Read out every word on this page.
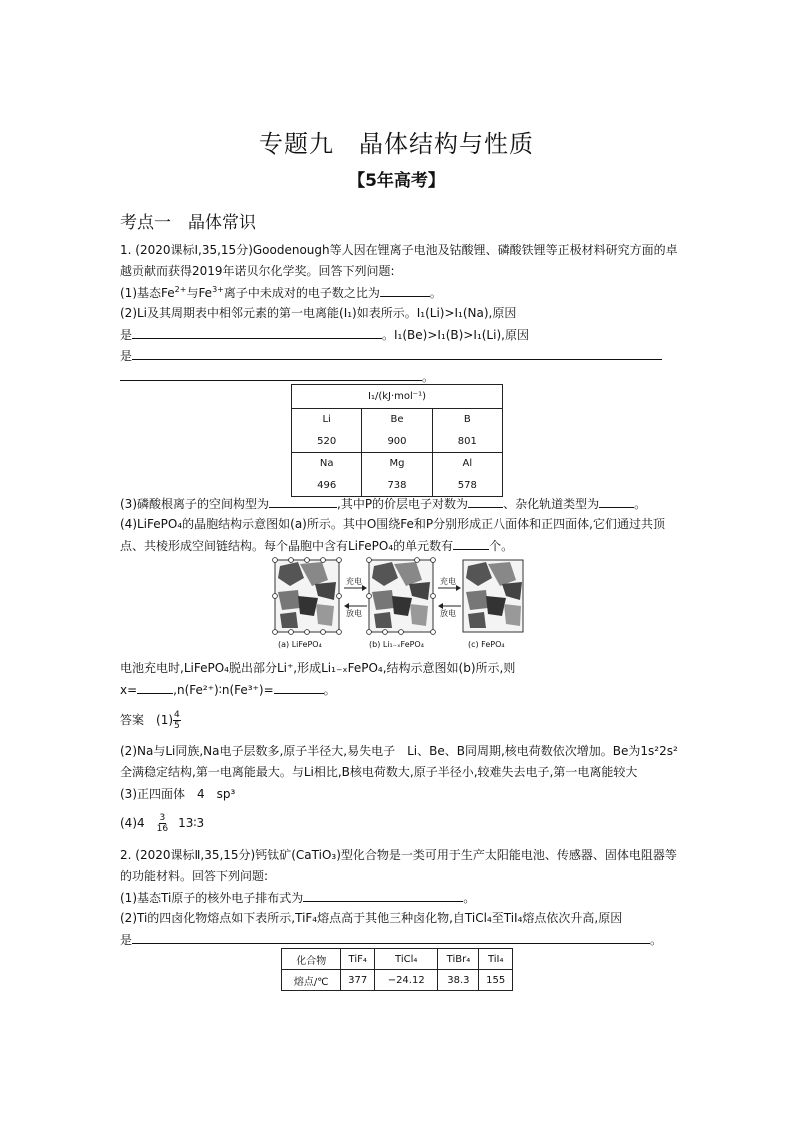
专题九　晶体结构与性质
【5年高考】
考点一　晶体常识
1. (2020课标Ⅰ,35,15分)Goodenough等人因在锂离子电池及钴酸锂、磷酸铁锂等正极材料研究方面的卓
越贡献而获得2019年诺贝尔化学奖。回答下列问题:
(1)基态$Fe^{2+}$与$Fe^{3+}$离子中未成对的电子数之比为	。
(2)Li及其周期表中相邻元素的第一电离能(I₁)如表所示。I₁(Li)>I₁(Na),原因
是	。I₁(Be)>I₁(B)>I₁(Li),原因
是
。
I₁/(kJ·mol⁻¹)		
Li	Be	B
520	900	801
Na	Mg	Al
496	738	578
(3)磷酸根离子的空间构型为	,其中P的价层电子对数为	、杂化轨道类型为	。
(4)LiFePO₄的晶胞结构示意图如(a)所示。其中O围绕Fe和P分别形成正八面体和正四面体,它们通过共顶
点、共棱形成空间链结构。每个晶胞中含有LiFePO₄的单元数有	个。
充电
放电
充电
放电
(a) LiFePO₄	(b) Li₁₋ₓFePO₄	(c) FePO₄
电池充电时,LiFePO₄脱出部分Li⁺,形成Li₁₋ₓFePO₄,结构示意图如(b)所示,则
x=	,n(Fe²⁺)∶n(Fe³⁺)=	。
答案 $(1) \frac{4}{5}$
(2)Na与Li同族,Na电子层数多,原子半径大,易失电子　Li、Be、B同周期,核电荷数依次增加。Be为1s²2s²
全满稳定结构,第一电离能最大。与Li相比,B核电荷数大,原子半径小,较难失去电子,第一电离能较大
(3)正四面体　4　sp³
$(4)4 \frac{3}{16}$ 13∶3
2. (2020课标Ⅱ,35,15分)钙钛矿(CaTiO₃)型化合物是一类可用于生产太阳能电池、传感器、固体电阻器等
的功能材料。回答下列问题:
(1)基态Ti原子的核外电子排布式为	。
(2)Ti的四卤化物熔点如下表所示,TiF₄熔点高于其他三种卤化物,自TiCl₄至TiI₄熔点依次升高,原因
是	。
化合物	TiF₄	TiCl₄	TiBr₄	TiI₄
熔点/℃	377	−24.12	38.3	155
